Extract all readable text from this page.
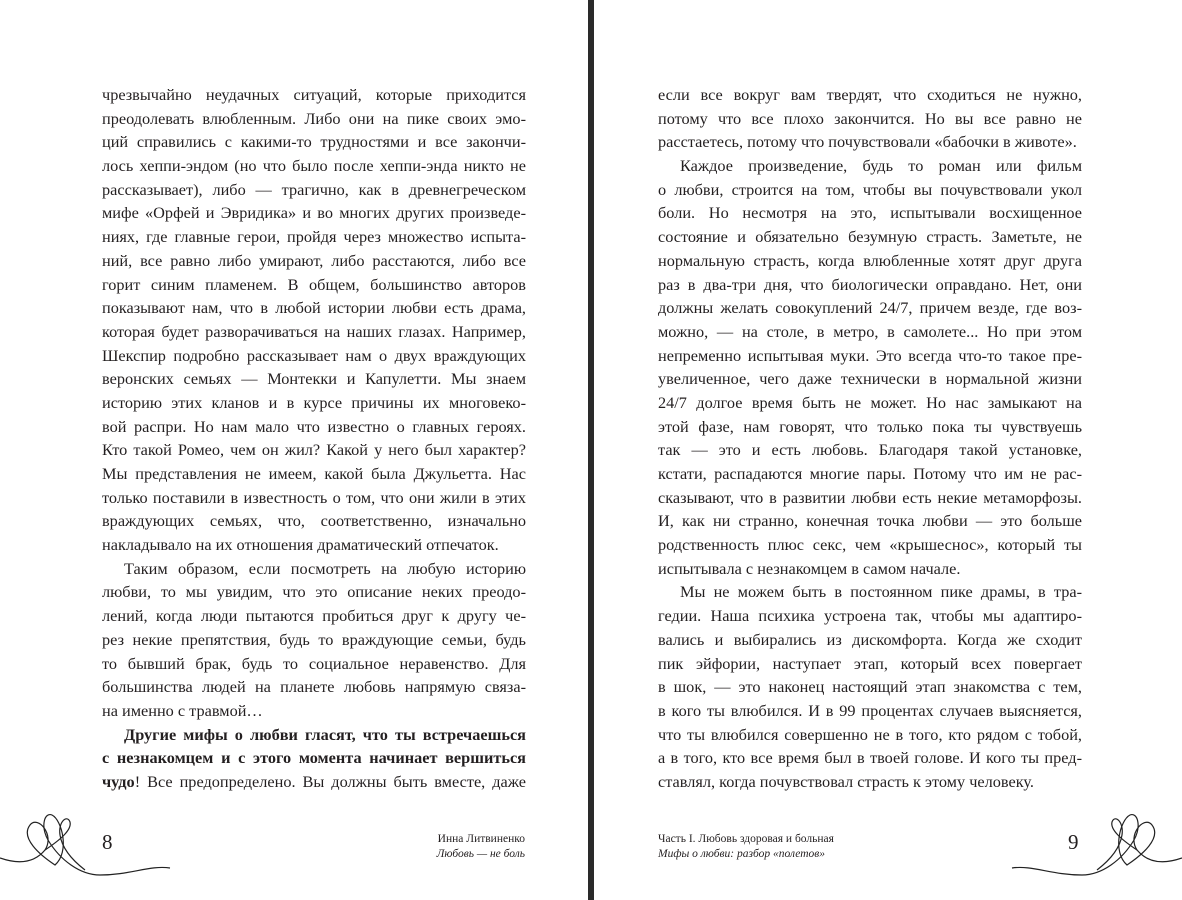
чрезвычайно неудачных ситуаций, которые приходится
преодолевать влюбленным. Либо они на пике своих эмо-
ций справились с какими-то трудностями и все закончи-
лось хеппи-эндом (но что было после хеппи-энда никто не
рассказывает), либо — трагично, как в древнегреческом
мифе «Орфей и Эвридика» и во многих других произведе-
ниях, где главные герои, пройдя через множество испыта-
ний, все равно либо умирают, либо расстаются, либо все
горит синим пламенем. В общем, большинство авторов
показывают нам, что в любой истории любви есть драма,
которая будет разворачиваться на наших глазах. Например,
Шекспир подробно рассказывает нам о двух враждующих
веронских семьях — Монтекки и Капулетти. Мы знаем
историю этих кланов и в курсе причины их многовеко-
вой распри. Но нам мало что известно о главных героях.
Кто такой Ромео, чем он жил? Какой у него был характер?
Мы представления не имеем, какой была Джульетта. Нас
только поставили в известность о том, что они жили в этих
враждующих семьях, что, соответственно, изначально
накладывало на их отношения драматический отпечаток.
Таким образом, если посмотреть на любую историю
любви, то мы увидим, что это описание неких преодо-
лений, когда люди пытаются пробиться друг к другу че-
рез некие препятствия, будь то враждующие семьи, будь
то бывший брак, будь то социальное неравенство. Для
большинства людей на планете любовь напрямую связа-
на именно с травмой…
Другие мифы о любви гласят, что ты встречаешься
с незнакомцем и с этого момента начинает вершиться
чудо! Все предопределено. Вы должны быть вместе, даже
если все вокруг вам твердят, что сходиться не нужно,
потому что все плохо закончится. Но вы все равно не
расстаетесь, потому что почувствовали «бабочки в животе».
Каждое произведение, будь то роман или фильм
о любви, строится на том, чтобы вы почувствовали укол
боли. Но несмотря на это, испытывали восхищенное
состояние и обязательно безумную страсть. Заметьте, не
нормальную страсть, когда влюбленные хотят друг друга
раз в два-три дня, что биологически оправдано. Нет, они
должны желать совокуплений 24/7, причем везде, где воз-
можно, — на столе, в метро, в самолете... Но при этом
непременно испытывая муки. Это всегда что-то такое пре-
увеличенное, чего даже технически в нормальной жизни
24/7 долгое время быть не может. Но нас замыкают на
этой фазе, нам говорят, что только пока ты чувствуешь
так — это и есть любовь. Благодаря такой установке,
кстати, распадаются многие пары. Потому что им не рас-
сказывают, что в развитии любви есть некие метаморфозы.
И, как ни странно, конечная точка любви — это больше
родственность плюс секс, чем «крышеснос», который ты
испытывала с незнакомцем в самом начале.
Мы не можем быть в постоянном пике драмы, в тра-
гедии. Наша психика устроена так, чтобы мы адаптиро-
вались и выбирались из дискомфорта. Когда же сходит
пик эйфории, наступает этап, который всех повергает
в шок, — это наконец настоящий этап знакомства с тем,
в кого ты влюбился. И в 99 процентах случаев выясняется,
что ты влюбился совершенно не в того, кто рядом с тобой,
а в того, кто все время был в твоей голове. И кого ты пред-
ставлял, когда почувствовал страсть к этому человеку.
8	9
Инна Литвиненко
Любовь — не боль
Часть I. Любовь здоровая и больная
Мифы о любви: разбор «полетов»
